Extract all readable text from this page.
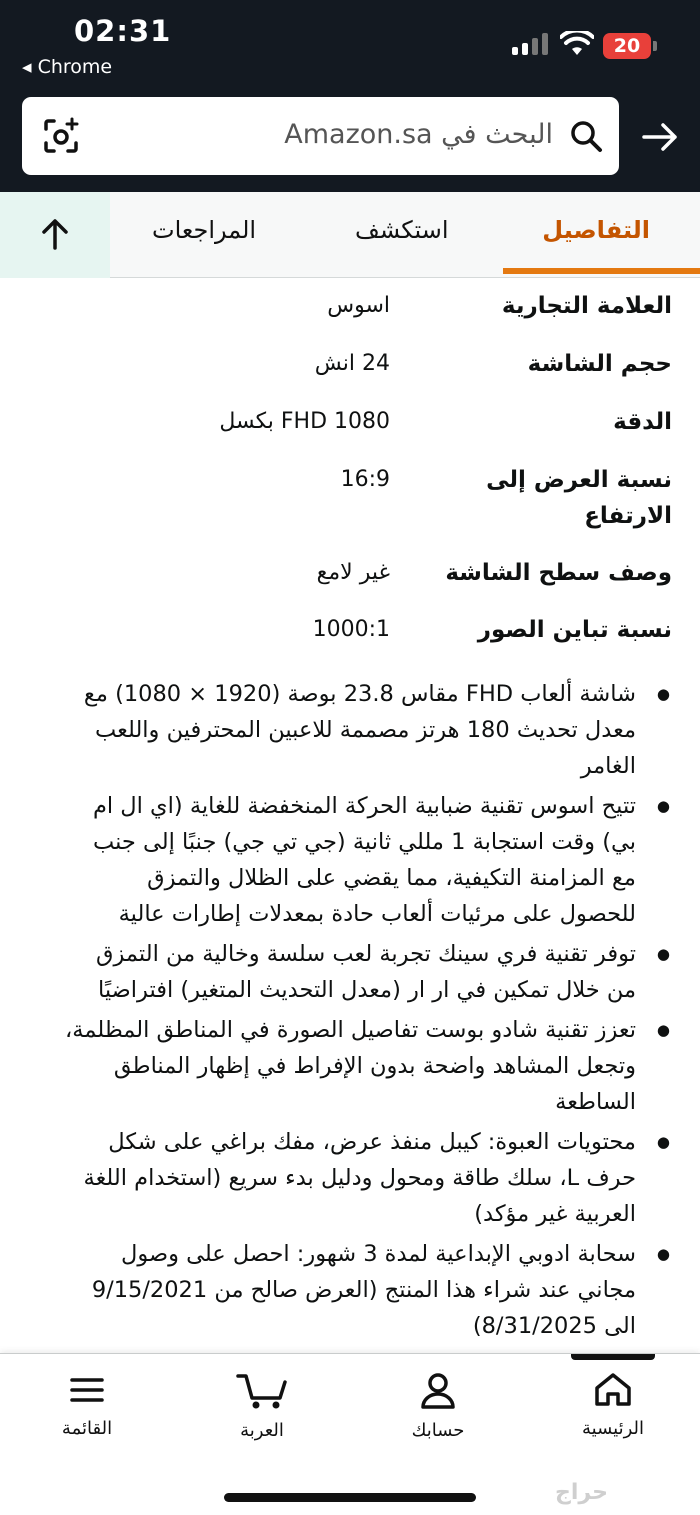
02:31
◂ Chrome
20
البحث في Amazon.sa
المراجعات	استكشف	التفاصيل
العلامة التجارية
اسوس
حجم الشاشة
24 انش
الدقة
FHD 1080 بكسل
نسبة العرض إلى الارتفاع
16:9
وصف سطح الشاشة
غير لامع
نسبة تباين الصور
1000:1
● شاشة ألعاب FHD مقاس 23.8 بوصة (1920 × 1080) مع معدل تحديث 180 هرتز مصممة للاعبين المحترفين واللعب الغامر
● تتيح اسوس تقنية ضبابية الحركة المنخفضة للغاية (اي ال ام بي) وقت استجابة 1 مللي ثانية (جي تي جي) جنبًا إلى جنب مع المزامنة التكيفية، مما يقضي على الظلال والتمزق للحصول على مرئيات ألعاب حادة بمعدلات إطارات عالية
● توفر تقنية فري سينك تجربة لعب سلسة وخالية من التمزق من خلال تمكين في ار ار (معدل التحديث المتغير) افتراضيًا
● تعزز تقنية شادو بوست تفاصيل الصورة في المناطق المظلمة، وتجعل المشاهد واضحة بدون الإفراط في إظهار المناطق الساطعة
● محتويات العبوة: كيبل منفذ عرض، مفك براغي على شكل حرف L، سلك طاقة ومحول ودليل بدء سريع (استخدام اللغة العربية غير مؤكد)
● سحابة ادوبي الإبداعية لمدة 3 شهور: احصل على وصول مجاني عند شراء هذا المنتج (العرض صالح من 9/15/2021 الى 8/31/2025)
الرئيسية
حسابك
العربة
القائمة
حراج
